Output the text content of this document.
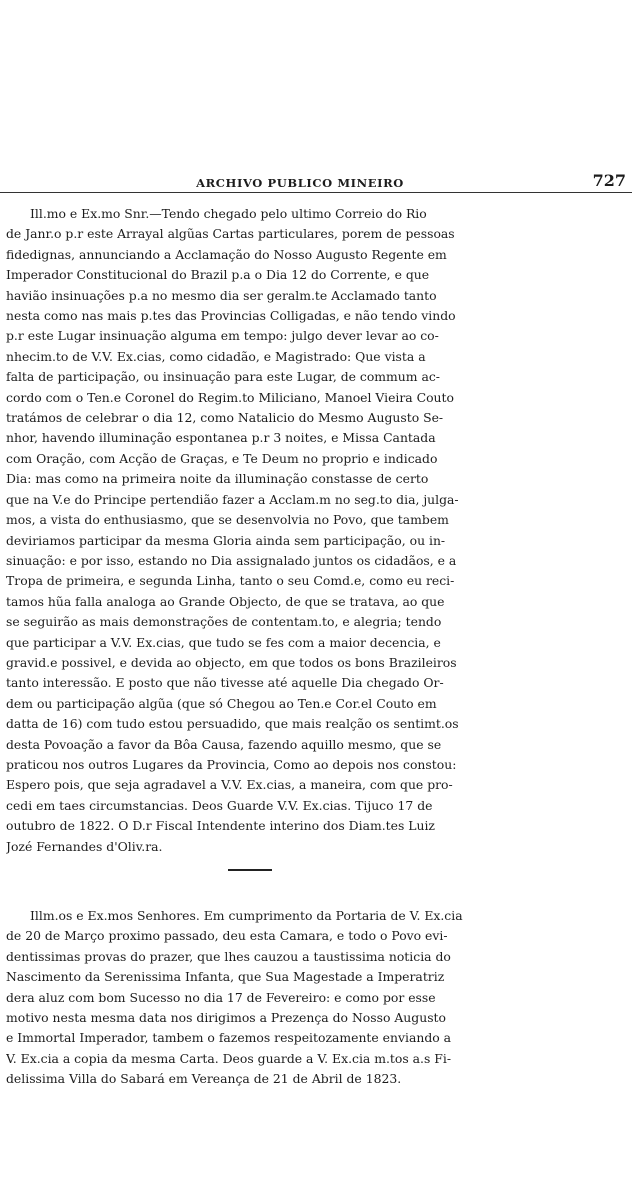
ARCHIVO PUBLICO MINEIRO	727
Ill.mo e Ex.mo Snr.—Tendo chegado pelo ultimo Correio do Rio
de Janr.o p.r este Arrayal algũas Cartas particulares, porem de pessoas
fidedignas, annunciando a Acclamação do Nosso Augusto Regente em
Imperador Constitucional do Brazil p.a o Dia 12 do Corrente, e que
havião insinuações p.a no mesmo dia ser geralm.te Acclamado tanto
nesta como nas mais p.tes das Provincias Colligadas, e não tendo vindo
p.r este Lugar insinuação alguma em tempo: julgo dever levar ao co-
nhecim.to de V.V. Ex.cias, como cidadão, e Magistrado: Que vista a
falta de participação, ou insinuação para este Lugar, de commum ac-
cordo com o Ten.e Coronel do Regim.to Miliciano, Manoel Vieira Couto
tratámos de celebrar o dia 12, como Natalicio do Mesmo Augusto Se-
nhor, havendo illuminação espontanea p.r 3 noites, e Missa Cantada
com Oração, com Acção de Graças, e Te Deum no proprio e indicado
Dia: mas como na primeira noite da illuminação constasse de certo
que na V.e do Principe pertendião fazer a Acclam.m no seg.to dia, julga-
mos, a vista do enthusiasmo, que se desenvolvia no Povo, que tambem
deviriamos participar da mesma Gloria ainda sem participação, ou in-
sinuação: e por isso, estando no Dia assignalado juntos os cidadãos, e a
Tropa de primeira, e segunda Linha, tanto o seu Comd.e, como eu reci-
tamos hũa falla analoga ao Grande Objecto, de que se tratava, ao que
se seguirão as mais demonstrações de contentam.to, e alegria; tendo
que participar a V.V. Ex.cias, que tudo se fes com a maior decencia, e
gravid.e possivel, e devida ao objecto, em que todos os bons Brazileiros
tanto interessão. E posto que não tivesse até aquelle Dia chegado Or-
dem ou participação algũa (que só Chegou ao Ten.e Cor.el Couto em
datta de 16) com tudo estou persuadido, que mais realção os sentimt.os
desta Povoação a favor da Bôa Causa, fazendo aquillo mesmo, que se
praticou nos outros Lugares da Provincia, Como ao depois nos constou:
Espero pois, que seja agradavel a V.V. Ex.cias, a maneira, com que pro-
cedi em taes circumstancias. Deos Guarde V.V. Ex.cias. Tijuco 17 de
outubro de 1822. O D.r Fiscal Intendente interino dos Diam.tes Luiz
Jozé Fernandes d'Oliv.ra.
Illm.os e Ex.mos Senhores. Em cumprimento da Portaria de V. Ex.cia
de 20 de Março proximo passado, deu esta Camara, e todo o Povo evi-
dentissimas provas do prazer, que lhes cauzou a taustissima noticia do
Nascimento da Serenissima Infanta, que Sua Magestade a Imperatriz
dera aluz com bom Sucesso no dia 17 de Fevereiro: e como por esse
motivo nesta mesma data nos dirigimos a Prezença do Nosso Augusto
e Immortal Imperador, tambem o fazemos respeitozamente enviando a
V. Ex.cia a copia da mesma Carta. Deos guarde a V. Ex.cia m.tos a.s Fi-
delissima Villa do Sabará em Vereança de 21 de Abril de 1823.
